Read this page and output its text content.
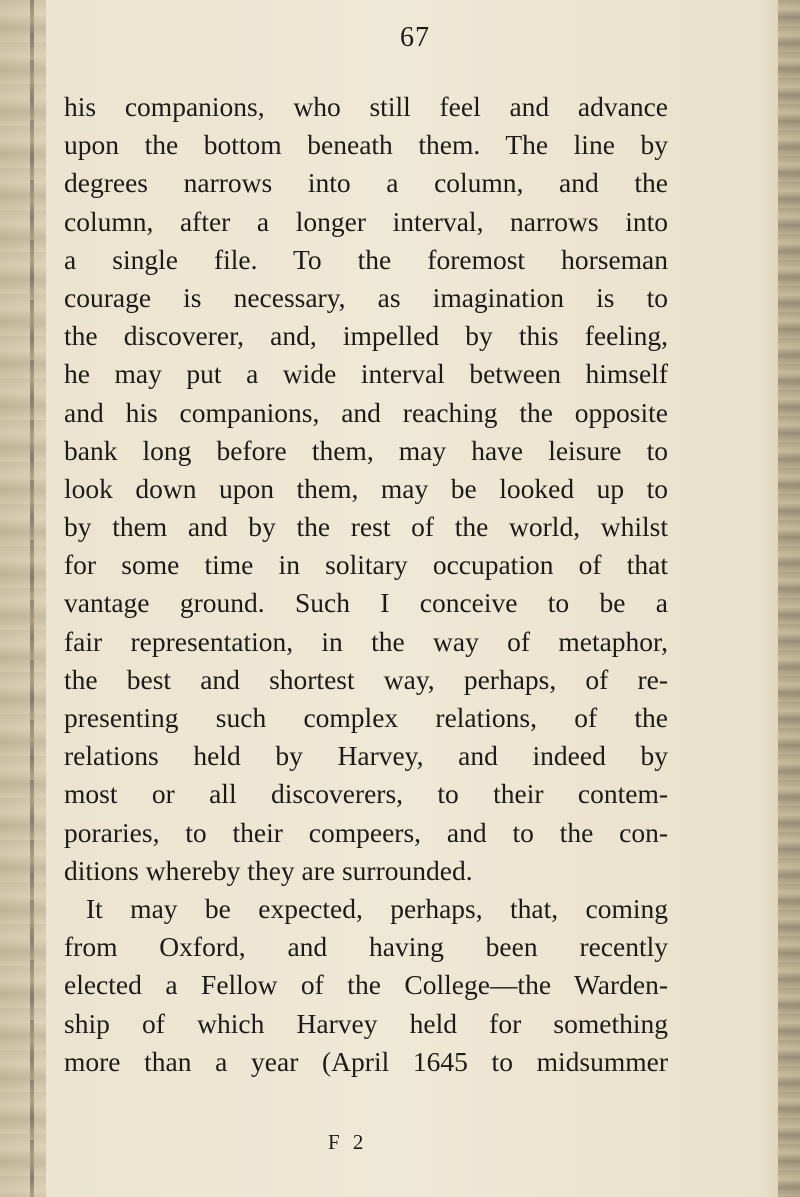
67
his companions, who still feel and advance
upon the bottom beneath them. The line by
degrees narrows into a column, and the
column, after a longer interval, narrows into
a single file. To the foremost horseman
courage is necessary, as imagination is to
the discoverer, and, impelled by this feeling,
he may put a wide interval between himself
and his companions, and reaching the opposite
bank long before them, may have leisure to
look down upon them, may be looked up to
by them and by the rest of the world, whilst
for some time in solitary occupation of that
vantage ground. Such I conceive to be a
fair representation, in the way of metaphor,
the best and shortest way, perhaps, of re-
presenting such complex relations, of the
relations held by Harvey, and indeed by
most or all discoverers, to their contem-
poraries, to their compeers, and to the con-
ditions whereby they are surrounded.
It may be expected, perhaps, that, coming
from Oxford, and having been recently
elected a Fellow of the College—the Warden-
ship of which Harvey held for something
more than a year (April 1645 to midsummer
F 2
